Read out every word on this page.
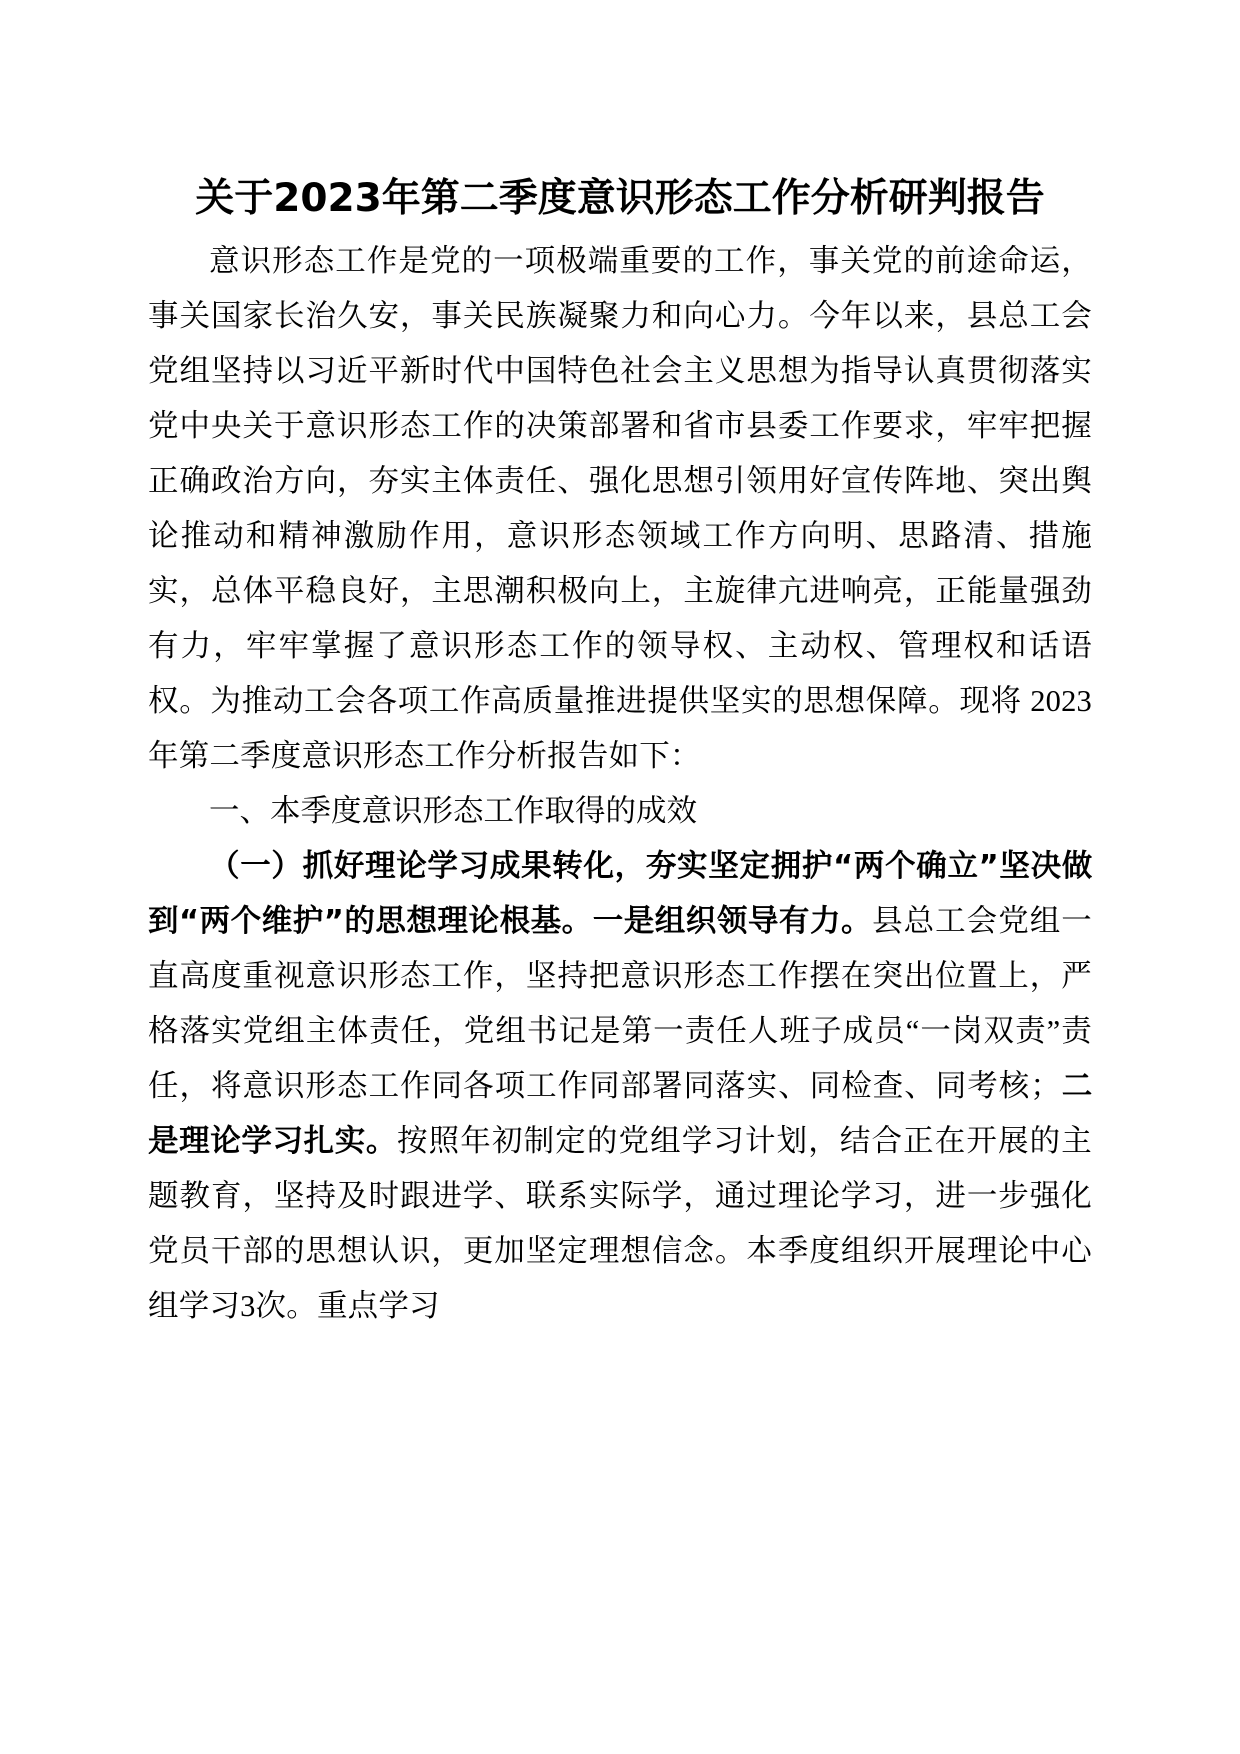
关于2023年第二季度意识形态工作分析研判报告

意识形态工作是党的一项极端重要的工作，事关党的前途命运，事关国家长治久安，事关民族凝聚力和向心力。今年以来，县总工会党组坚持以习近平新时代中国特色社会主义思想为指导认真贯彻落实党中央关于意识形态工作的决策部署和省市县委工作要求，牢牢把握正确政治方向，夯实主体责任、强化思想引领用好宣传阵地、突出舆论推动和精神激励作用，意识形态领域工作方向明、思路清、措施实，总体平稳良好，主思潮积极向上，主旋律亢进响亮，正能量强劲有力，牢牢掌握了意识形态工作的领导权、主动权、管理权和话语权。为推动工会各项工作高质量推进提供坚实的思想保障。现将 2023 年第二季度意识形态工作分析报告如下：

一、本季度意识形态工作取得的成效

（一）抓好理论学习成果转化，夯实坚定拥护“两个确立”坚决做到“两个维护”的思想理论根基。一是组织领导有力。县总工会党组一直高度重视意识形态工作，坚持把意识形态工作摆在突出位置上，严格落实党组主体责任，党组书记是第一责任人班子成员“一岗双责”责任，将意识形态工作同各项工作同部署同落实、同检查、同考核；二是理论学习扎实。按照年初制定的党组学习计划，结合正在开展的主题教育，坚持及时跟进学、联系实际学，通过理论学习，进一步强化党员干部的思想认识，更加坚定理想信念。本季度组织开展理论中心组学习3次。重点学习
